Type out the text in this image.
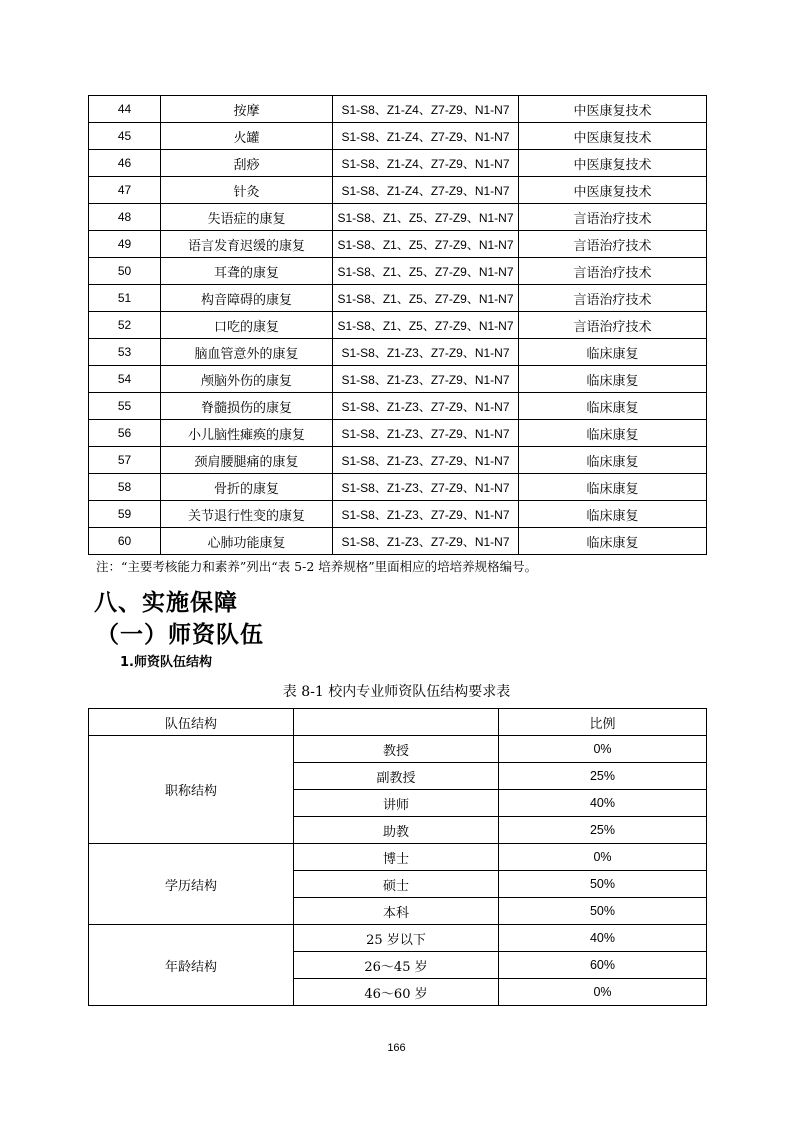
44	按摩	S1-S8、Z1-Z4、Z7-Z9、N1-N7	中医康复技术
45	火罐	S1-S8、Z1-Z4、Z7-Z9、N1-N7	中医康复技术
46	刮痧	S1-S8、Z1-Z4、Z7-Z9、N1-N7	中医康复技术
47	针灸	S1-S8、Z1-Z4、Z7-Z9、N1-N7	中医康复技术
48	失语症的康复	S1-S8、Z1、Z5、Z7-Z9、N1-N7	言语治疗技术
49	语言发育迟缓的康复	S1-S8、Z1、Z5、Z7-Z9、N1-N7	言语治疗技术
50	耳聋的康复	S1-S8、Z1、Z5、Z7-Z9、N1-N7	言语治疗技术
51	构音障碍的康复	S1-S8、Z1、Z5、Z7-Z9、N1-N7	言语治疗技术
52	口吃的康复	S1-S8、Z1、Z5、Z7-Z9、N1-N7	言语治疗技术
53	脑血管意外的康复	S1-S8、Z1-Z3、Z7-Z9、N1-N7	临床康复
54	颅脑外伤的康复	S1-S8、Z1-Z3、Z7-Z9、N1-N7	临床康复
55	脊髓损伤的康复	S1-S8、Z1-Z3、Z7-Z9、N1-N7	临床康复
56	小儿脑性瘫痪的康复	S1-S8、Z1-Z3、Z7-Z9、N1-N7	临床康复
57	颈肩腰腿痛的康复	S1-S8、Z1-Z3、Z7-Z9、N1-N7	临床康复
58	骨折的康复	S1-S8、Z1-Z3、Z7-Z9、N1-N7	临床康复
59	关节退行性变的康复	S1-S8、Z1-Z3、Z7-Z9、N1-N7	临床康复
60	心肺功能康复	S1-S8、Z1-Z3、Z7-Z9、N1-N7	临床康复
注：“主要考核能力和素养”列出“表 5-2 培养规格”里面相应的培培养规格编号。
八、实施保障
（一）师资队伍
1.师资队伍结构
表 8-1 校内专业师资队伍结构要求表
队伍结构		比例
职称结构	教授	0%
	副教授	25%
	讲师	40%
	助教	25%
学历结构	博士	0%
	硕士	50%
	本科	50%
年龄结构	25 岁以下	40%
	26～45 岁	60%
	46～60 岁	0%
166
